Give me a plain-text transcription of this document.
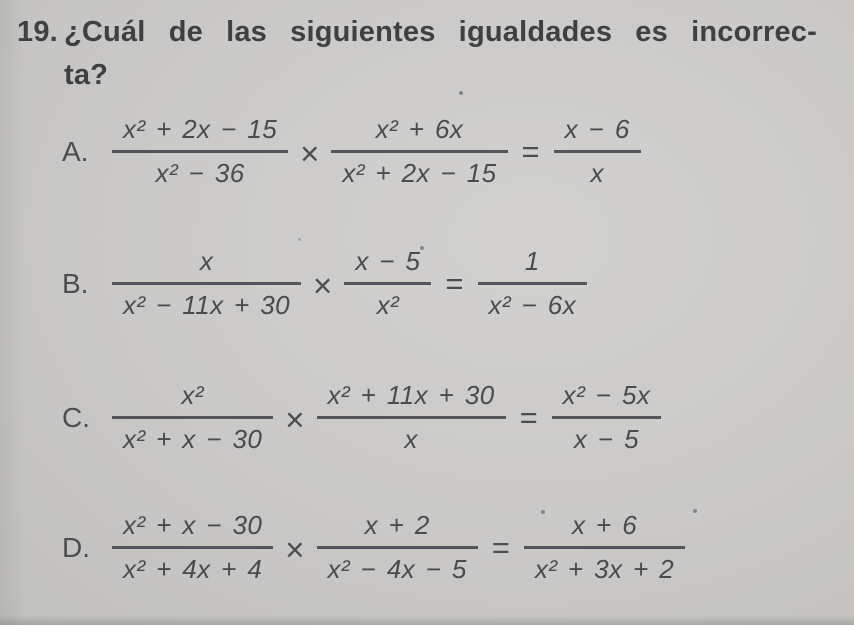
19. ¿Cuál de las siguientes igualdades es incorrec-
ta?
A. $\frac{\text{x² + 2x − 15}}{\text{x² − 36}} \times \frac{\text{x² + 6x}}{\text{x² + 2x − 15}} = \frac{x - 6}{x}$
B. $\frac{x}{\text{x² − 11x + 30}} \times \frac{x - 5}{\text{x²}} = \frac{1}{\text{x² − 6x}}$
C. $\frac{\text{x²}}{\text{x² + x − 30}} \times \frac{\text{x² + 11x + 30}}{x} = \frac{\text{x² − 5x}}{x - 5}$
D. $\frac{\text{x² + x − 30}}{\text{x² + 4x + 4}} \times \frac{x + 2}{\text{x² − 4x − 5}} = \frac{x + 6}{\text{x² + 3x + 2}}$
